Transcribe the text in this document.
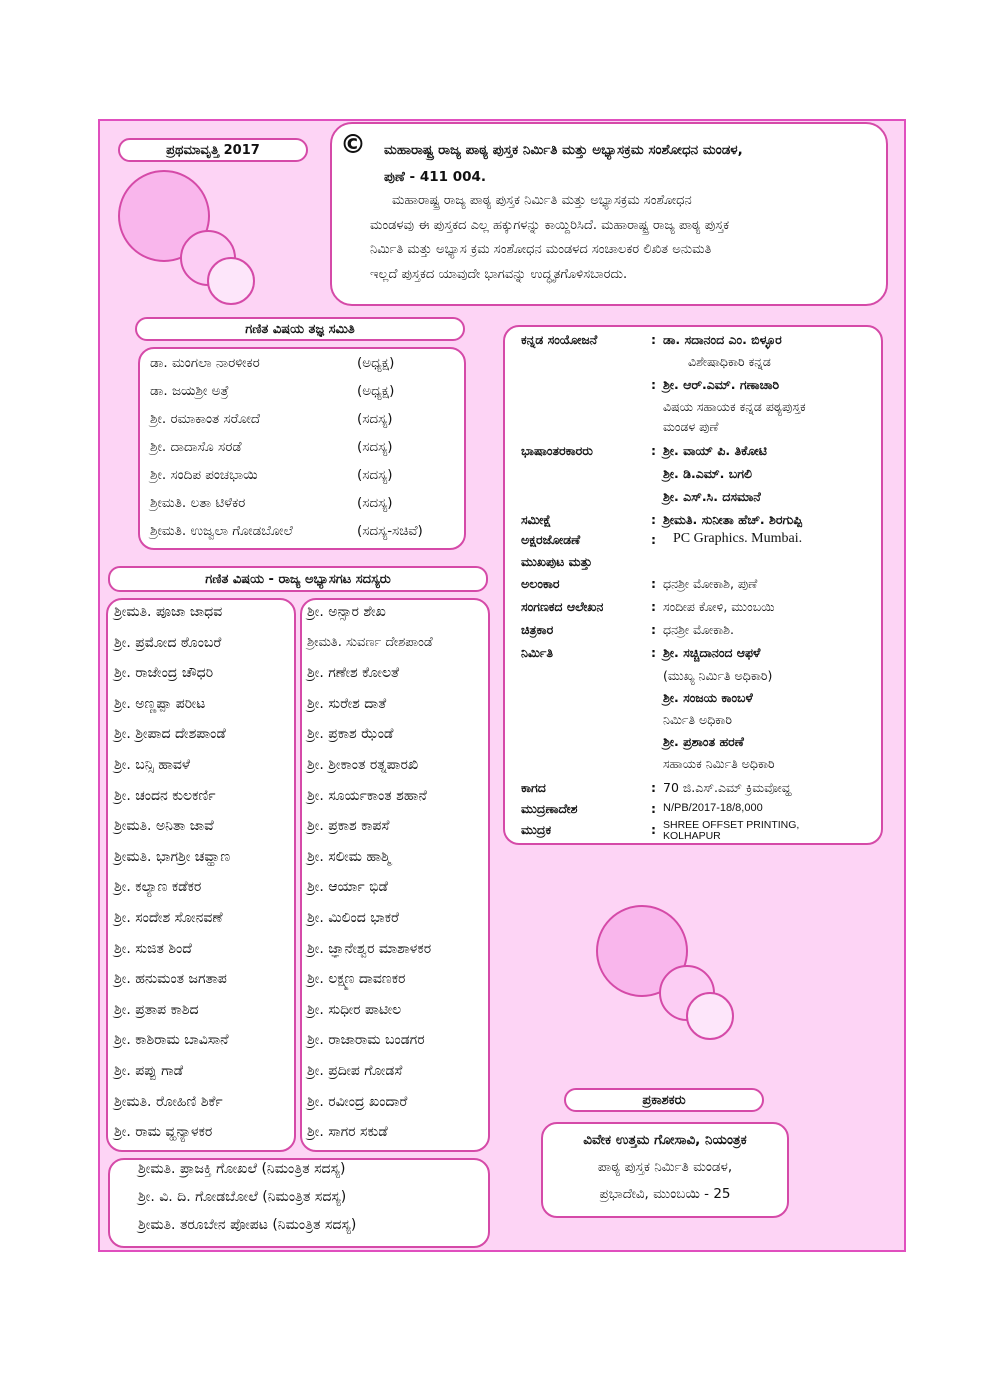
ಪ್ರಥಮಾವೃತ್ತಿ 2017	© ಮಹಾರಾಷ್ಟ್ರ ರಾಜ್ಯ ಪಾಠ್ಯ ಪುಸ್ತಕ ನಿರ್ಮಿತಿ ಮತ್ತು ಅಭ್ಯಾಸಕ್ರಮ ಸಂಶೋಧನ ಮಂಡಳ,
ಪುಣೆ - 411 004.
ಮಹಾರಾಷ್ಟ್ರ ರಾಜ್ಯ ಪಾಠ್ಯ ಪುಸ್ತಕ ನಿರ್ಮಿತಿ ಮತ್ತು ಅಭ್ಯಾಸಕ್ರಮ ಸಂಶೋಧನ
ಮಂಡಳವು ಈ ಪುಸ್ತಕದ ಎಲ್ಲ ಹಕ್ಕುಗಳನ್ನು ಕಾಯ್ದಿರಿಸಿದೆ. ಮಹಾರಾಷ್ಟ್ರ ರಾಜ್ಯ ಪಾಠ್ಯ ಪುಸ್ತಕ
ನಿರ್ಮಿತಿ ಮತ್ತು ಅಭ್ಯಾಸ ಕ್ರಮ ಸಂಶೋಧನ ಮಂಡಳದ ಸಂಚಾಲಕರ ಲಿಖಿತ ಅನುಮತಿ
ಇಲ್ಲದೆ ಪುಸ್ತಕದ ಯಾವುದೇ ಭಾಗವನ್ನು ಉದ್ಧೃತಗೊಳಿಸಬಾರದು.
ಗಣಿತ ವಿಷಯ ತಜ್ಞ ಸಮಿತಿ
ಡಾ. ಮಂಗಲಾ ನಾರಳೀಕರ	(ಅಧ್ಯಕ್ಷ)
ಡಾ. ಜಯಶ್ರೀ ಅತ್ರೆ	(ಅಧ್ಯಕ್ಷ)
ಶ್ರೀ. ರಮಾಕಾಂತ ಸರೋದೆ	(ಸದಸ್ಯ)
ಶ್ರೀ. ದಾದಾಸೊ ಸರಡೆ	(ಸದಸ್ಯ)
ಶ್ರೀ. ಸಂದಿಪ ಪಂಚಭಾಯಿ	(ಸದಸ್ಯ)
ಶ್ರೀಮತಿ. ಲತಾ ಟಿಳೆಕರ	(ಸದಸ್ಯ)
ಶ್ರೀಮತಿ. ಉಜ್ವಲಾ ಗೋಡಬೋಲೆ	(ಸದಸ್ಯ-ಸಚಿವೆ)
ಗಣಿತ ವಿಷಯ - ರಾಜ್ಯ ಅಭ್ಯಾಸಗಟ ಸದಸ್ಯರು
ಶ್ರೀಮತಿ. ಪೂಜಾ ಜಾಧವ
ಶ್ರೀ. ಪ್ರಮೋದ ಠೊಂಬರೆ
ಶ್ರೀ. ರಾಜೇಂದ್ರ ಚೌಧರಿ
ಶ್ರೀ. ಅಣ್ಣಪ್ಪಾ ಪರೀಟ
ಶ್ರೀ. ಶ್ರೀಪಾದ ದೇಶಪಾಂಡೆ
ಶ್ರೀ. ಬನ್ಸಿ ಹಾವಳೆ
ಶ್ರೀ. ಚಂದನ ಕುಲಕರ್ಣಿ
ಶ್ರೀಮತಿ. ಅನಿತಾ ಜಾವೆ
ಶ್ರೀಮತಿ. ಭಾಗಶ್ರೀ ಚವ್ಹಾಣ
ಶ್ರೀ. ಕಲ್ಯಾಣ ಕಡೆಕರ
ಶ್ರೀ. ಸಂದೇಶ ಸೋನವಣೆ
ಶ್ರೀ. ಸುಜಿತ ಶಿಂದೆ
ಶ್ರೀ. ಹನುಮಂತ ಜಗತಾಪ
ಶ್ರೀ. ಪ್ರತಾಪ ಕಾಶಿದ
ಶ್ರೀ. ಕಾಶಿರಾಮ ಬಾವಿಸಾನೆ
ಶ್ರೀ. ಪಪ್ಪು ಗಾಡೆ
ಶ್ರೀಮತಿ. ರೋಹಿಣಿ ಶಿರ್ಕೆ
ಶ್ರೀ. ರಾಮ ವ್ಹನ್ಯಾಳಕರ
ಶ್ರೀ. ಅನ್ಸಾರ ಶೇಖ
ಶ್ರೀಮತಿ. ಸುವರ್ಣ ದೇಶಪಾಂಡೆ
ಶ್ರೀ. ಗಣೇಶ ಕೋಲತೆ
ಶ್ರೀ. ಸುರೇಶ ದಾತೆ
ಶ್ರೀ. ಪ್ರಕಾಶ ಝೆಂಡೆ
ಶ್ರೀ. ಶ್ರೀಕಾಂತ ರತ್ನಪಾರಖಿ
ಶ್ರೀ. ಸೂರ್ಯಕಾಂತ ಶಹಾನೆ
ಶ್ರೀ. ಪ್ರಕಾಶ ಕಾಪಸೆ
ಶ್ರೀ. ಸಲೀಮ ಹಾಶ್ಮಿ
ಶ್ರೀ. ಆರ್ಯಾ ಭಿಡೆ
ಶ್ರೀ. ಮಿಲಿಂದ ಭಾಕರೆ
ಶ್ರೀ. ಜ್ಞಾನೇಶ್ವರ ಮಾಶಾಳಕರ
ಶ್ರೀ. ಲಕ್ಷ್ಮಣ ದಾವಣಕರ
ಶ್ರೀ. ಸುಧೀರ ಪಾಟೀಲ
ಶ್ರೀ. ರಾಜಾರಾಮ ಬಂಡಗರ
ಶ್ರೀ. ಪ್ರದೀಪ ಗೋಡಸೆ
ಶ್ರೀ. ರವೀಂದ್ರ ಖಂದಾರೆ
ಶ್ರೀ. ಸಾಗರ ಸಕುಡೆ
ಶ್ರೀಮತಿ. ಪ್ರಾಜಕ್ತಿ ಗೋಖಲೆ (ನಿಮಂತ್ರಿತ ಸದಸ್ಯ)
ಶ್ರೀ. ವಿ. ದಿ. ಗೋಡಬೋಲೆ (ನಿಮಂತ್ರಿತ ಸದಸ್ಯ)
ಶ್ರೀಮತಿ. ತರೂಬೇನ ಪೋಪಟ (ನಿಮಂತ್ರಿತ ಸದಸ್ಯ)
ಕನ್ನಡ ಸಂಯೋಜನೆ	: ಡಾ. ಸದಾನಂದ ಎಂ. ಬಿಳ್ಳೂರ
ವಿಶೇಷಾಧಿಕಾರಿ ಕನ್ನಡ
: ಶ್ರೀ. ಆರ್.ಎಮ್. ಗಣಾಚಾರಿ
ವಿಷಯ ಸಹಾಯಕ ಕನ್ನಡ ಪಠ್ಯಪುಸ್ತಕ
ಮಂಡಳ ಪುಣೆ
ಭಾಷಾಂತರಕಾರರು	: ಶ್ರೀ. ವಾಯ್ ಪಿ. ತಿಕೋಟಿ
ಶ್ರೀ. ಡಿ.ಎಮ್. ಬಗಲಿ
ಶ್ರೀ. ಎಸ್.ಸಿ. ದಸಮಾನೆ
ಸಮೀಕ್ಷೆ	: ಶ್ರೀಮತಿ. ಸುನೀತಾ ಹೆಚ್. ಶಿರಗುಪ್ಪಿ
ಅಕ್ಷರಜೋಡಣೆ	: PC Graphics. Mumbai.
ಮುಖಪುಟ ಮತ್ತು
ಅಲಂಕಾರ	: ಧನಶ್ರೀ ಮೋಕಾಶಿ, ಪುಣೆ
ಸಂಗಣಕದ ಆಲೇಖನ	: ಸಂದೀಪ ಕೋಳಿ, ಮುಂಬಯಿ
ಚಿತ್ರಕಾರ	: ಧನಶ್ರೀ ಮೋಕಾಶಿ.
ನಿರ್ಮಿತಿ	: ಶ್ರೀ. ಸಚ್ಚಿದಾನಂದ ಆಫಳೆ
(ಮುಖ್ಯ ನಿರ್ಮಿತಿ ಅಧಿಕಾರಿ)
ಶ್ರೀ. ಸಂಜಯ ಕಾಂಬಳೆ
ನಿರ್ಮಿತಿ ಅಧಿಕಾರಿ
ಶ್ರೀ. ಪ್ರಶಾಂತ ಹರಣೆ
ಸಹಾಯಕ ನಿರ್ಮಿತಿ ಅಧಿಕಾರಿ
ಕಾಗದ	: 70 ಜಿ.ಎಸ್.ಎಮ್ ಕ್ರಿಮವೋವ್ಹ
ಮುದ್ರಣಾದೇಶ	: N/PB/2017-18/8,000
ಮುದ್ರಕ	: SHREE OFFSET PRINTING,
KOLHAPUR
ಪ್ರಕಾಶಕರು
ವಿವೇಕ ಉತ್ತಮ ಗೋಸಾವಿ, ನಿಯಂತ್ರಕ
ಪಾಠ್ಯ ಪುಸ್ತಕ ನಿರ್ಮಿತಿ ಮಂಡಳ,
ಪ್ರಭಾದೇವಿ, ಮುಂಬಯಿ - 25
